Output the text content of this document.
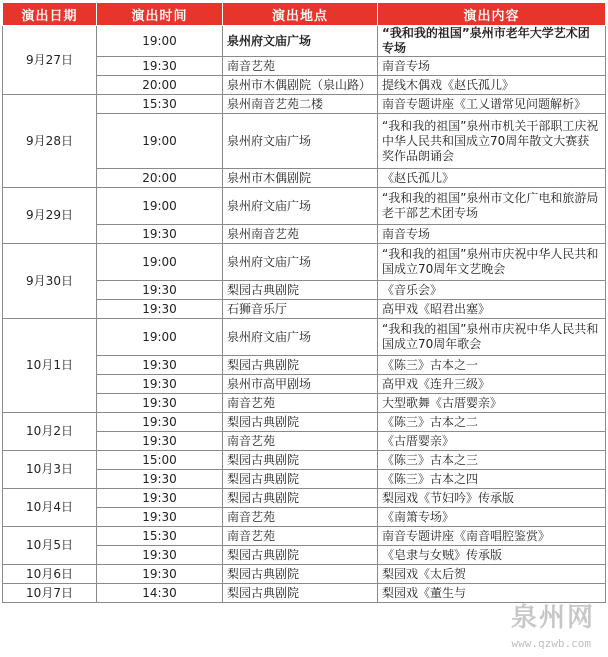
演出日期	演出时间	演出地点	演出内容
9月27日	19:00	泉州府文庙广场	“我和我的祖国”泉州市老年大学艺术团专场
	19:30	南音艺苑	南音专场
	20:00	泉州市木偶剧院（泉山路）	提线木偶戏《赵氏孤儿》
9月28日	15:30	泉州南音艺苑二楼	南音专题讲座《工乂谱常见问题解析》
	19:00	泉州府文庙广场	“我和我的祖国”泉州市机关干部职工庆祝中华人民共和国成立70周年散文大赛获奖作品朗诵会
	20:00	泉州市木偶剧院	《赵氏孤儿》
9月29日	19:00	泉州府文庙广场	“我和我的祖国”泉州市文化广电和旅游局老干部艺术团专场
	19:30	泉州南音艺苑	南音专场
9月30日	19:00	泉州府文庙广场	“我和我的祖国”泉州市庆祝中华人民共和国成立70周年文艺晚会
	19:30	梨园古典剧院	《音乐会》
	19:30	石狮音乐厅	高甲戏《昭君出塞》
10月1日	19:00	泉州府文庙广场	“我和我的祖国”泉州市庆祝中华人民共和国成立70周年歌会
	19:30	梨园古典剧院	《陈三》古本之一
	19:30	泉州市高甲剧场	高甲戏《连升三级》
	19:30	南音艺苑	大型歌舞《古厝婴亲》
10月2日	19:30	梨园古典剧院	《陈三》古本之二
	19:30	南音艺苑	《古厝婴亲》
10月3日	15:00	梨园古典剧院	《陈三》古本之三
	19:30	梨园古典剧院	《陈三》古本之四
10月4日	19:30	梨园古典剧院	梨园戏《节妇吟》传承版
	19:30	南音艺苑	《南箫专场》
10月5日	15:30	南音艺苑	南音专题讲座《南音唱腔鉴赏》
	19:30	梨园古典剧院	《皂隶与女贼》传承版
10月6日	19:30	梨园古典剧院	梨园戏《太后贺
10月7日	14:30	梨园古典剧院	梨园戏《董生与
泉州网
www.qzwb.com
